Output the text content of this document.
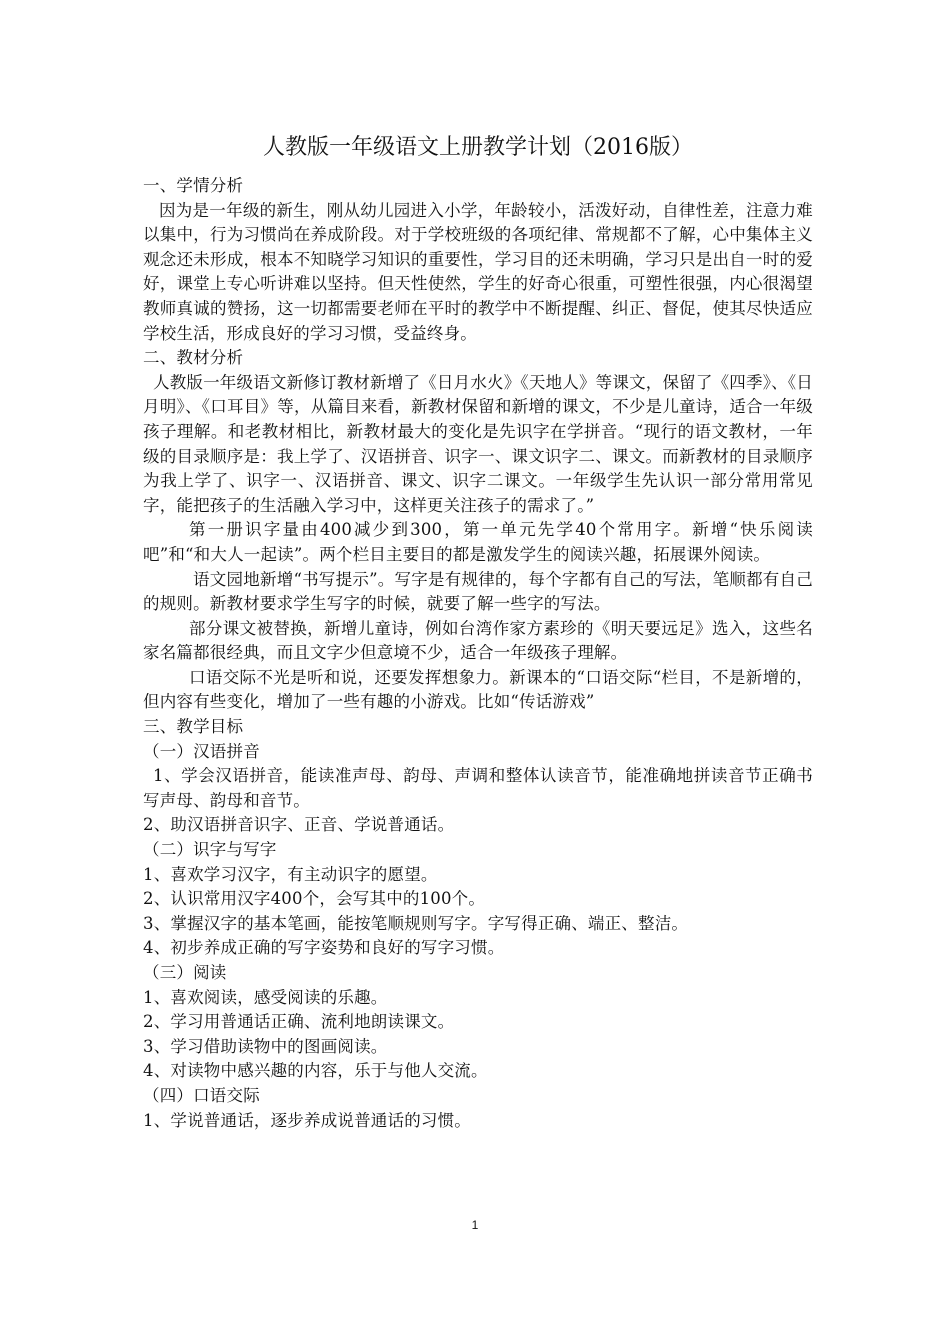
人教版一年级语文上册教学计划（2016版）

一、学情分析

因为是一年级的新生，刚从幼儿园进入小学，年龄较小，活泼好动，自律性差，注意力难以集中，行为习惯尚在养成阶段。对于学校班级的各项纪律、常规都不了解，心中集体主义观念还未形成，根本不知晓学习知识的重要性，学习目的还未明确，学习只是出自一时的爱好，课堂上专心听讲难以坚持。但天性使然，学生的好奇心很重，可塑性很强，内心很渴望教师真诚的赞扬，这一切都需要老师在平时的教学中不断提醒、纠正、督促，使其尽快适应学校生活，形成良好的学习习惯，受益终身。

二、教材分析

人教版一年级语文新修订教材新增了《日月水火》《天地人》等课文，保留了《四季》、《日月明》、《口耳目》等，从篇目来看，新教材保留和新增的课文，不少是儿童诗，适合一年级孩子理解。和老教材相比，新教材最大的变化是先识字在学拼音。“现行的语文教材，一年级的目录顺序是：我上学了、汉语拼音、识字一、课文识字二、课文。而新教材的目录顺序为我上学了、识字一、汉语拼音、课文、识字二课文。一年级学生先认识一部分常用常见字，能把孩子的生活融入学习中，这样更关注孩子的需求了。”

第一册识字量由400减少到300，第一单元先学40个常用字。新增“快乐阅读吧”和“和大人一起读”。两个栏目主要目的都是激发学生的阅读兴趣，拓展课外阅读。

语文园地新增“书写提示”。写字是有规律的，每个字都有自己的写法，笔顺都有自己的规则。新教材要求学生写字的时候，就要了解一些字的写法。

部分课文被替换，新增儿童诗，例如台湾作家方素珍的《明天要远足》选入，这些名家名篇都很经典，而且文字少但意境不少，适合一年级孩子理解。

口语交际不光是听和说，还要发挥想象力。新课本的“口语交际“栏目，不是新增的，但内容有些变化，增加了一些有趣的小游戏。比如“传话游戏”

三、教学目标

（一）汉语拼音

1、学会汉语拼音，能读准声母、韵母、声调和整体认读音节，能准确地拼读音节正确书写声母、韵母和音节。

2、助汉语拼音识字、正音、学说普通话。

（二）识字与写字

1、喜欢学习汉字，有主动识字的愿望。

2、认识常用汉字400个，会写其中的100个。

3、掌握汉字的基本笔画，能按笔顺规则写字。字写得正确、端正、整洁。

4、初步养成正确的写字姿势和良好的写字习惯。

（三）阅读

1、喜欢阅读，感受阅读的乐趣。

2、学习用普通话正确、流利地朗读课文。

3、学习借助读物中的图画阅读。

4、对读物中感兴趣的内容，乐于与他人交流。

（四）口语交际

1、学说普通话，逐步养成说普通话的习惯。

1
